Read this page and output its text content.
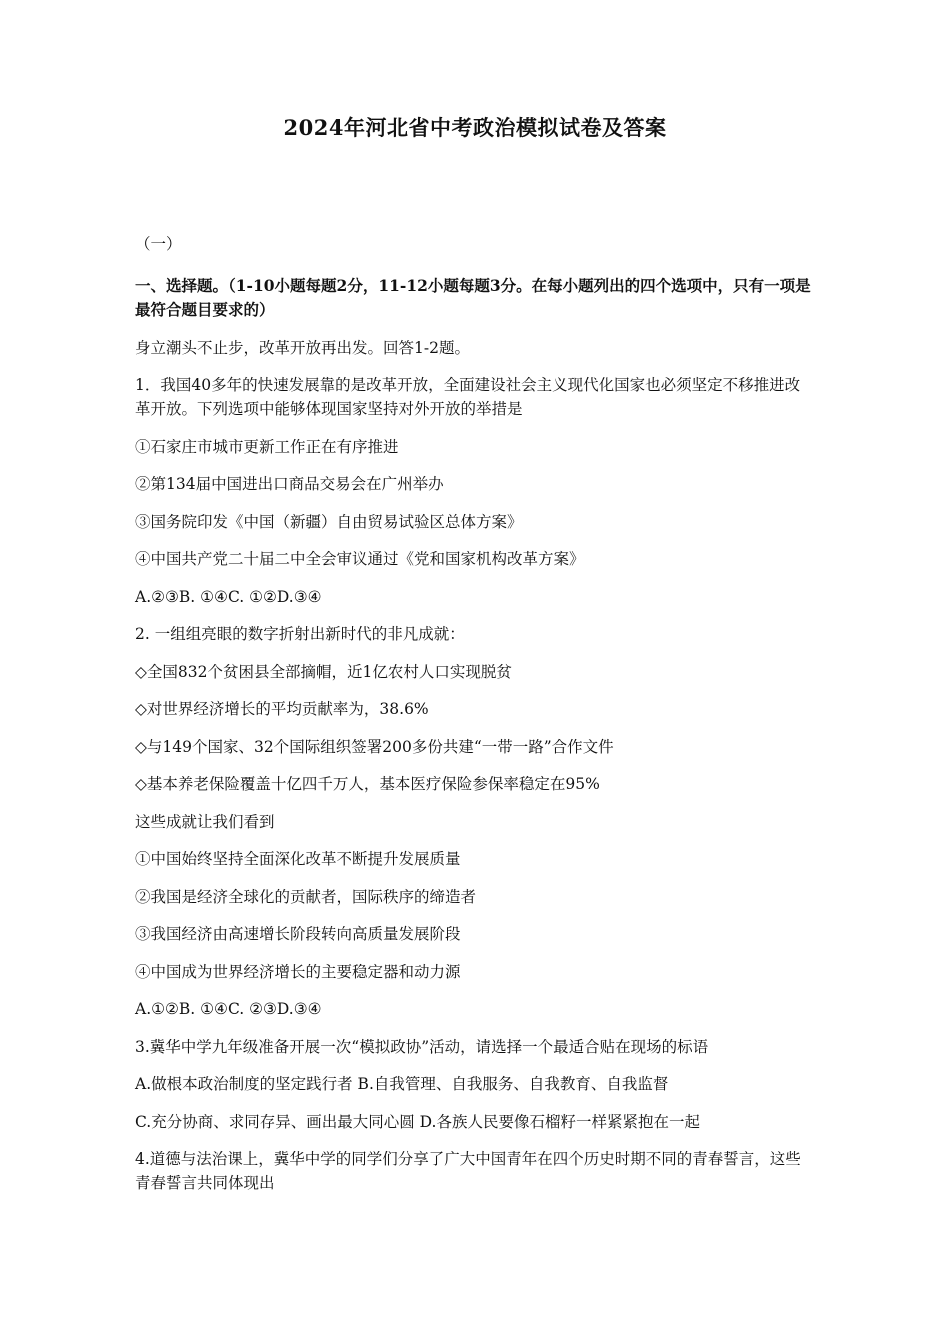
2024年河北省中考政治模拟试卷及答案

（一）

一、选择题。（1-10小题每题2分，11-12小题每题3分。在每小题列出的四个选项中，只有一项是最符合题目要求的）

身立潮头不止步，改革开放再出发。回答1-2题。

1．我国40多年的快速发展靠的是改革开放，全面建设社会主义现代化国家也必须坚定不移推进改革开放。下列选项中能够体现国家坚持对外开放的举措是

①石家庄市城市更新工作正在有序推进

②第134届中国进出口商品交易会在广州举办

③国务院印发《中国（新疆）自由贸易试验区总体方案》

④中国共产党二十届二中全会审议通过《党和国家机构改革方案》

A.②③B. ①④C. ①②D.③④

2. 一组组亮眼的数字折射出新时代的非凡成就：

◇全国832个贫困县全部摘帽，近1亿农村人口实现脱贫

◇对世界经济增长的平均贡献率为，38.6%

◇与149个国家、32个国际组织签署200多份共建“一带一路”合作文件

◇基本养老保险覆盖十亿四千万人，基本医疗保险参保率稳定在95%

这些成就让我们看到

①中国始终坚持全面深化改革不断提升发展质量

②我国是经济全球化的贡献者，国际秩序的缔造者

③我国经济由高速增长阶段转向高质量发展阶段

④中国成为世界经济增长的主要稳定器和动力源

A.①②B. ①④C. ②③D.③④

3.冀华中学九年级准备开展一次“模拟政协”活动，请选择一个最适合贴在现场的标语

A.做根本政治制度的坚定践行者 B.自我管理、自我服务、自我教育、自我监督

C.充分协商、求同存异、画出最大同心圆 D.各族人民要像石榴籽一样紧紧抱在一起

4.道德与法治课上，冀华中学的同学们分享了广大中国青年在四个历史时期不同的青春誓言，这些青春誓言共同体现出
